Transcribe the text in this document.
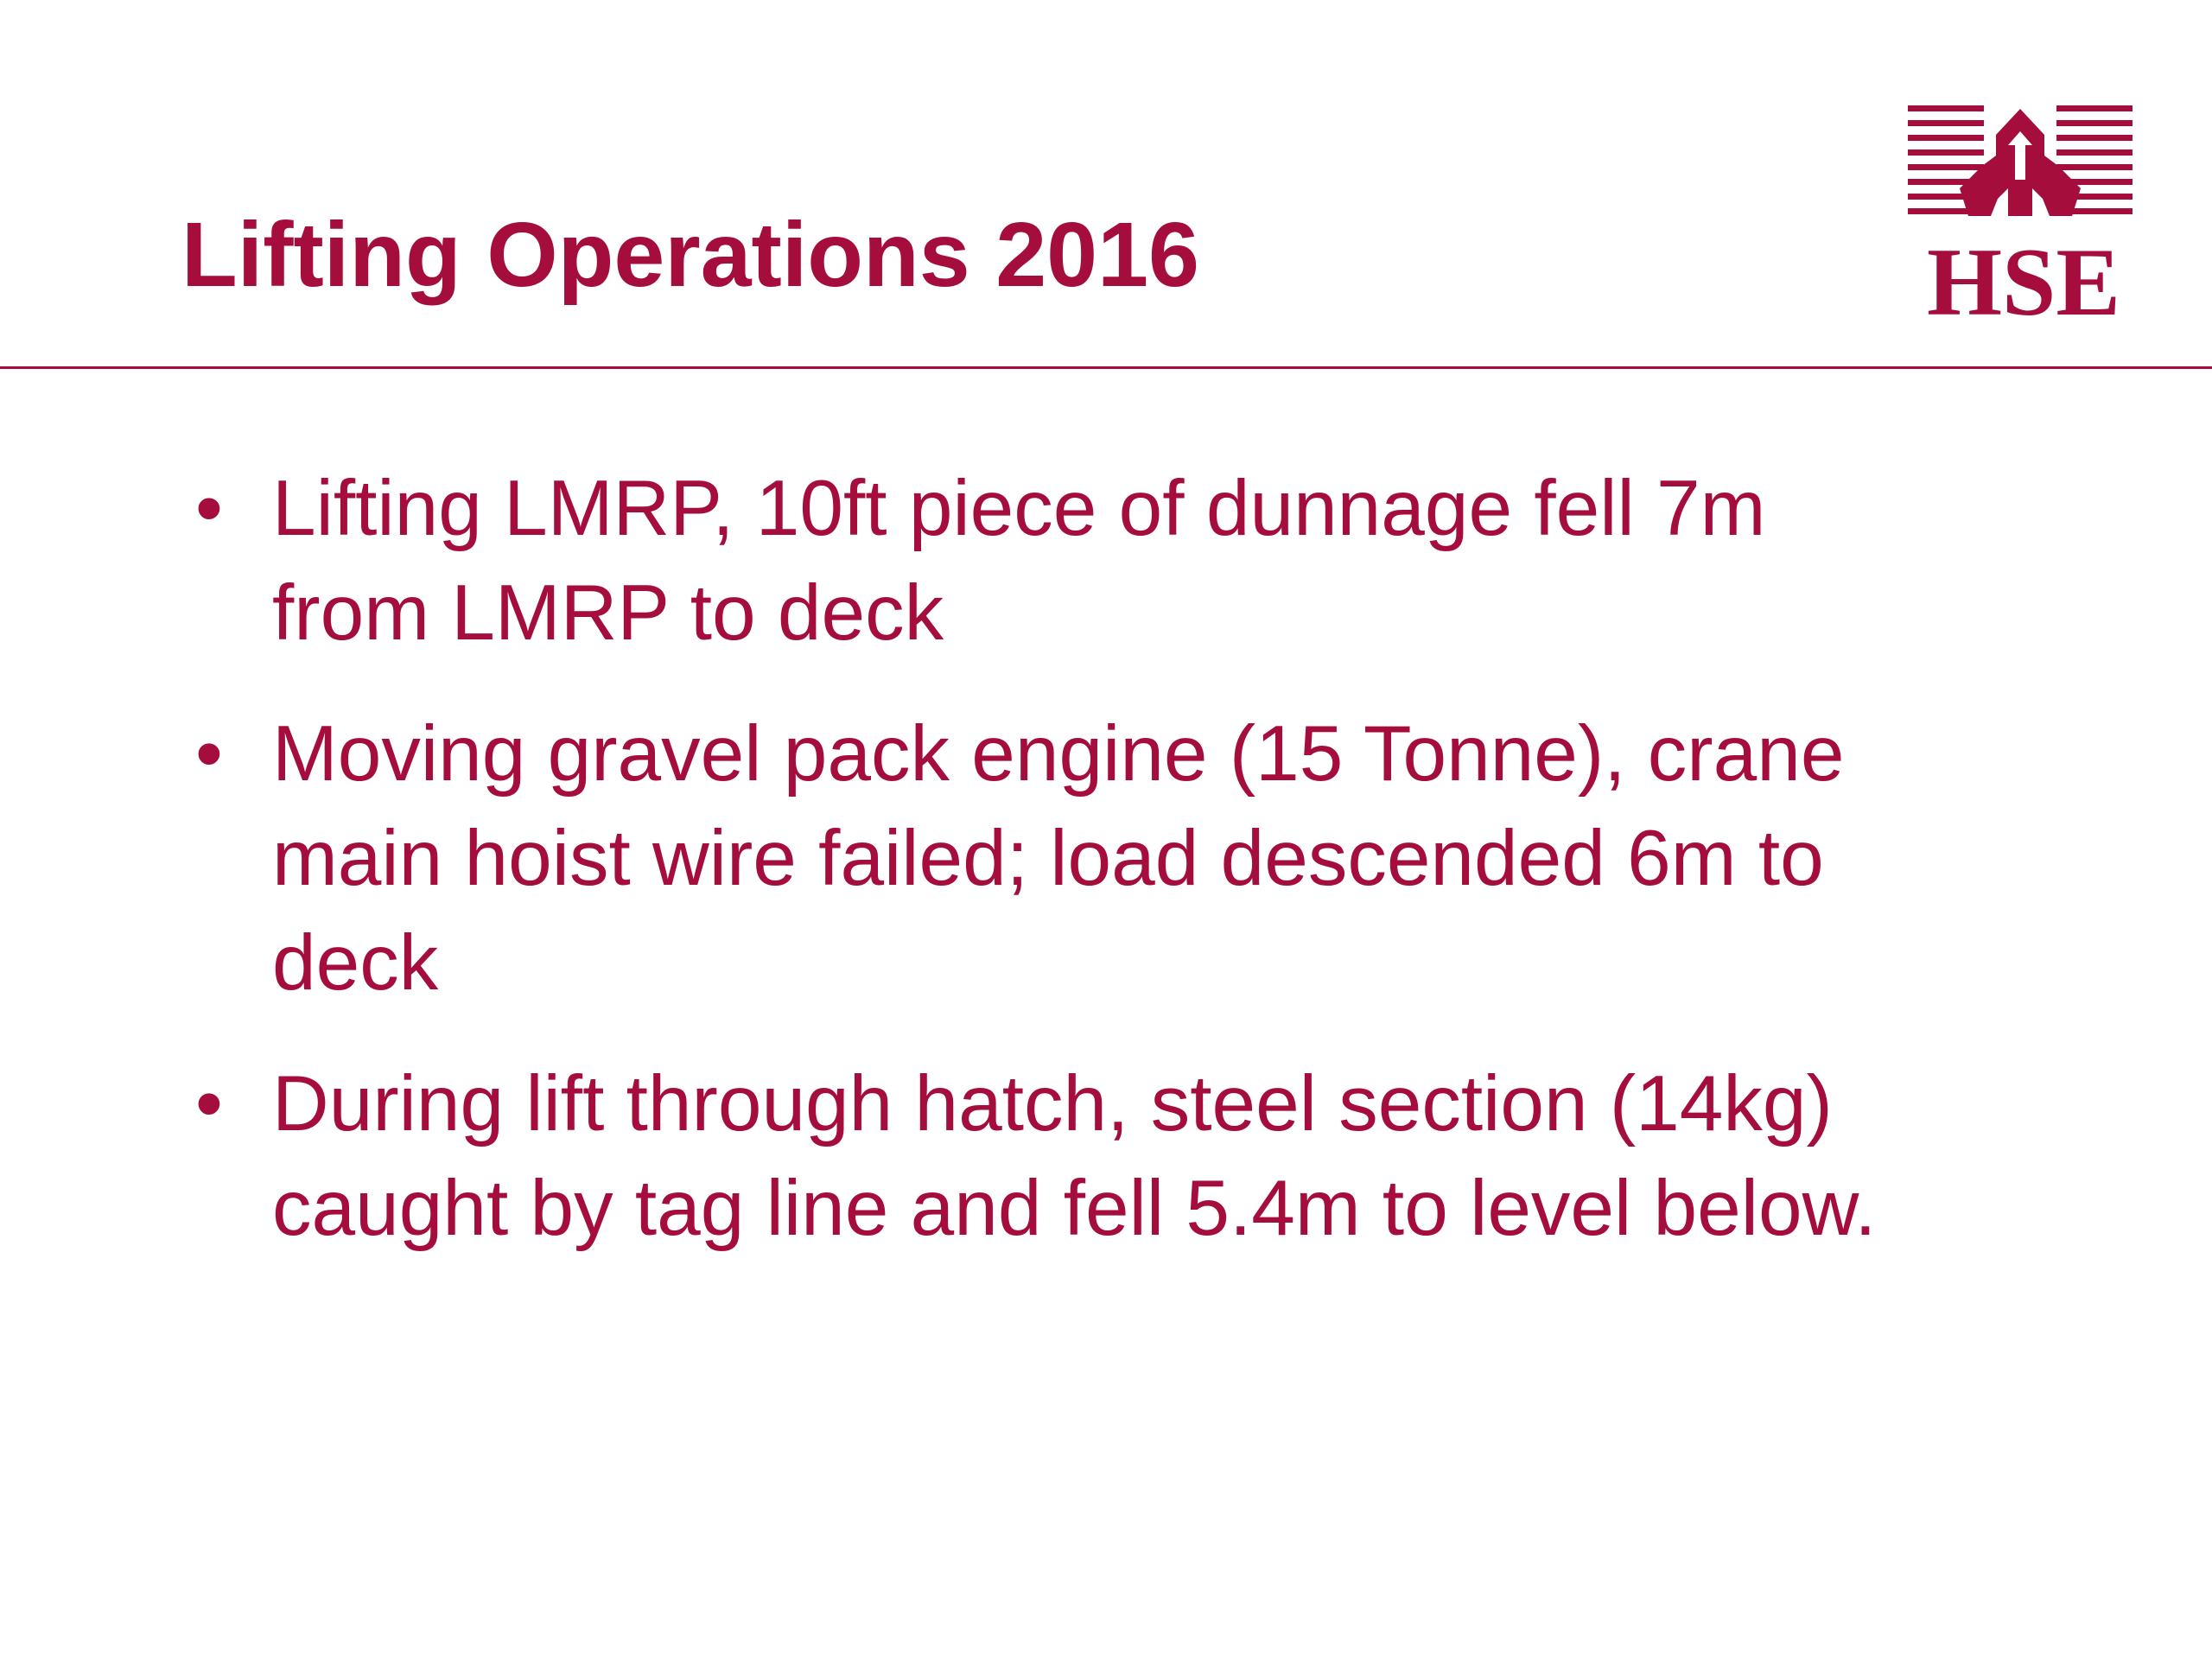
Lifting Operations 2016	HSE
• Lifting LMRP, 10ft piece of dunnage fell 7m from LMRP to deck
• Moving gravel pack engine (15 Tonne), crane main hoist wire failed; load descended 6m to deck
• During lift through hatch, steel section (14kg) caught by tag line and fell 5.4m to level below.
